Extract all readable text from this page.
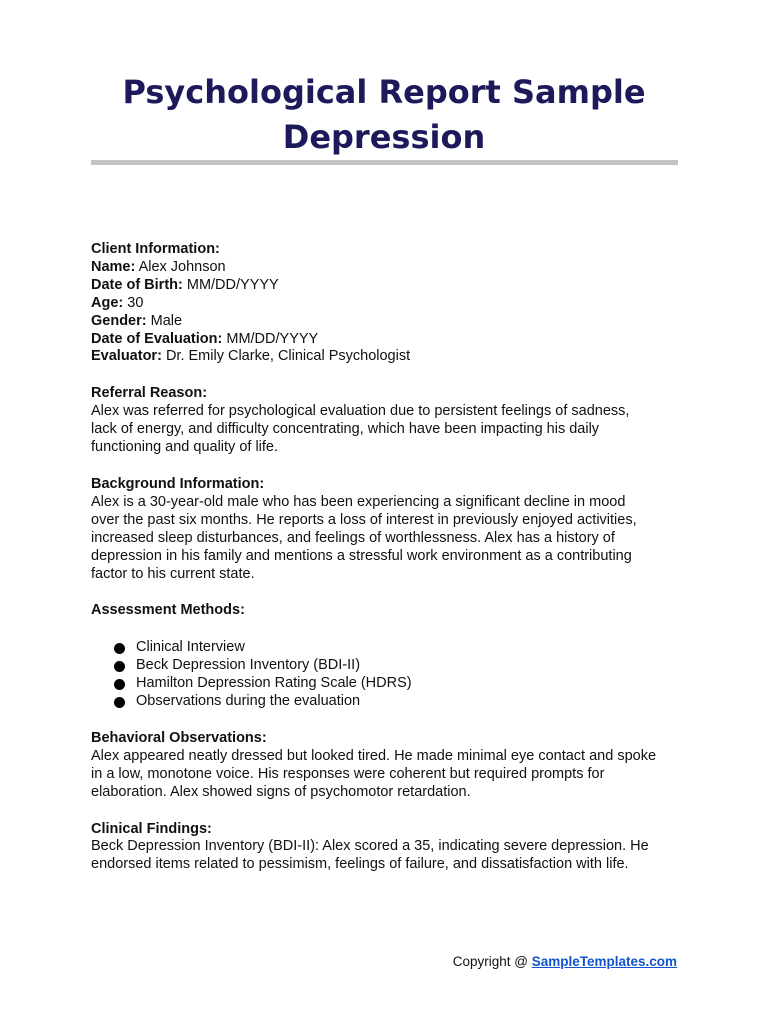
Psychological Report Sample
Depression

Client Information:

Name: Alex Johnson

Date of Birth: MM/DD/YYYY

Age: 30

Gender: Male

Date of Evaluation: MM/DD/YYYY

Evaluator: Dr. Emily Clarke, Clinical Psychologist

Referral Reason:

Alex was referred for psychological evaluation due to persistent feelings of sadness,

lack of energy, and difficulty concentrating, which have been impacting his daily

functioning and quality of life.

Background Information:

Alex is a 30-year-old male who has been experiencing a significant decline in mood

over the past six months. He reports a loss of interest in previously enjoyed activities,

increased sleep disturbances, and feelings of worthlessness. Alex has a history of

depression in his family and mentions a stressful work environment as a contributing

factor to his current state.

Assessment Methods:

Clinical Interview
Beck Depression Inventory (BDI-II)
Hamilton Depression Rating Scale (HDRS)
Observations during the evaluation

Behavioral Observations:

Alex appeared neatly dressed but looked tired. He made minimal eye contact and spoke

in a low, monotone voice. His responses were coherent but required prompts for

elaboration. Alex showed signs of psychomotor retardation.

Clinical Findings:

Beck Depression Inventory (BDI-II): Alex scored a 35, indicating severe depression. He

endorsed items related to pessimism, feelings of failure, and dissatisfaction with life.

Copyright @ SampleTemplates.com
